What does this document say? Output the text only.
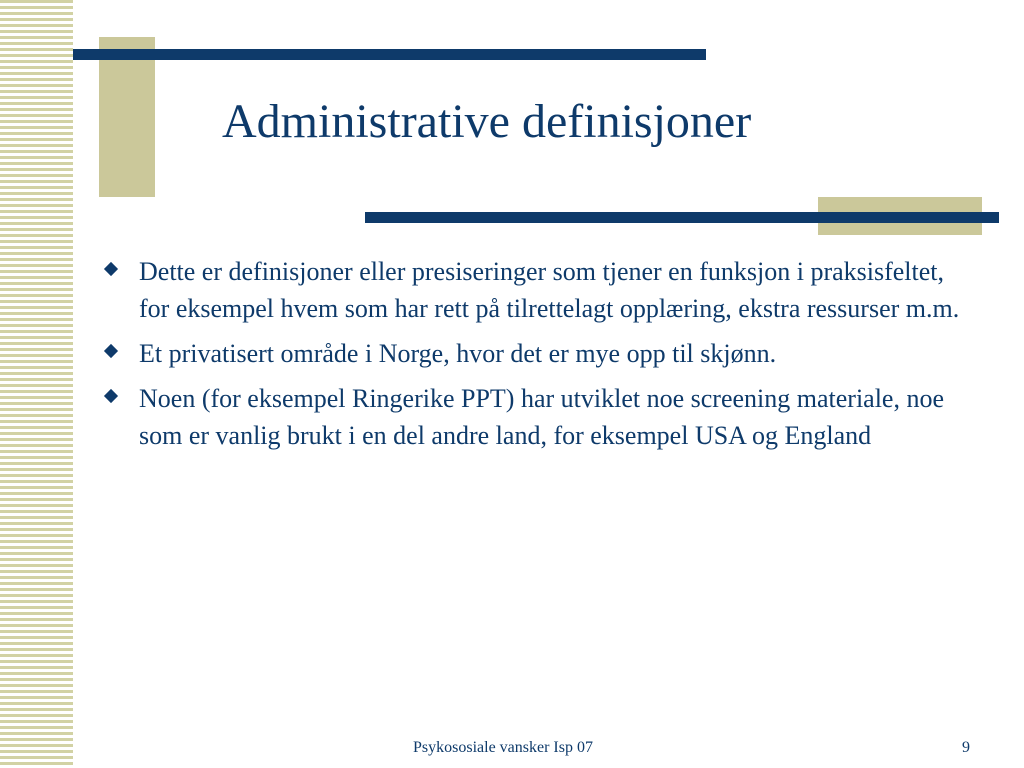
Administrative definisjoner
Dette er definisjoner eller presiseringer som tjener en funksjon i praksisfeltet, for eksempel hvem som har rett på tilrettelagt opplæring, ekstra ressurser m.m.
Et privatisert område i Norge, hvor det er mye opp til skjønn.
Noen (for eksempel Ringerike PPT) har utviklet noe screening materiale, noe som er vanlig brukt i en del andre land, for eksempel USA og England
Psykososiale vansker Isp 07	9
